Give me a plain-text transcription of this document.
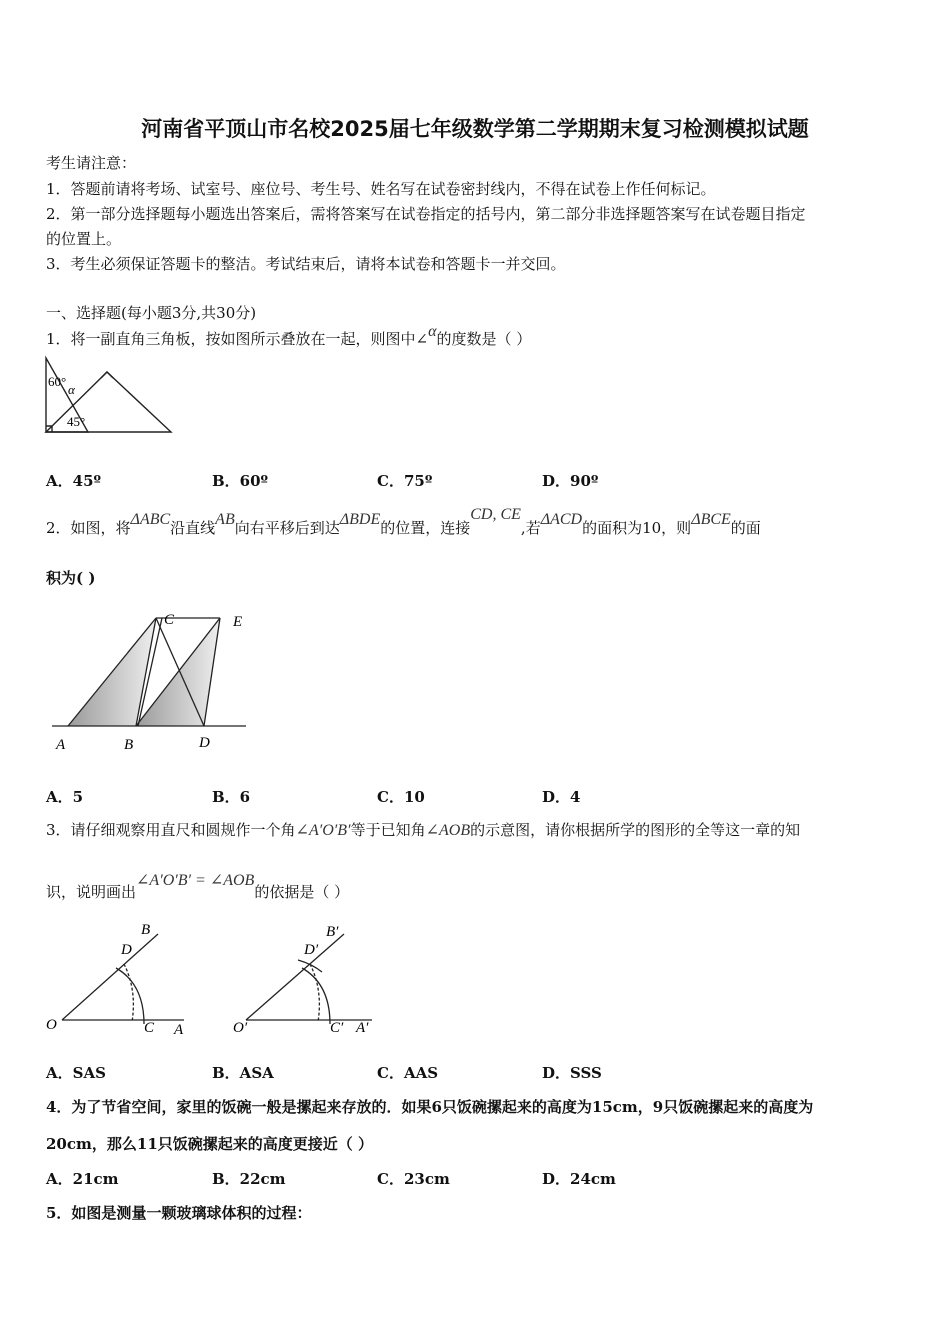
河南省平顶山市名校2025届七年级数学第二学期期末复习检测模拟试题
考生请注意：
1．答题前请将考场、试室号、座位号、考生号、姓名写在试卷密封线内，不得在试卷上作任何标记。
2．第一部分选择题每小题选出答案后，需将答案写在试卷指定的括号内，第二部分非选择题答案写在试卷题目指定
的位置上。
3．考生必须保证答题卡的整洁。考试结束后，请将本试卷和答题卡一并交回。
一、选择题(每小题3分,共30分)
1．将一副直角三角板，按如图所示叠放在一起，则图中∠α的度数是（ ）
60°
α
45°
A．45º	B．60º	C．75º	D．90º
2．如图，将ΔABC沿直线AB向右平移后到达ΔBDE的位置，连接CD, CE,若ΔACD的面积为10，则ΔBCE的面
积为( )
A	B
C
D
E
A．5	B．6	C．10	D．4
3．请仔细观察用直尺和圆规作一个角∠A′O′B′等于已知角∠AOB的示意图，请你根据所学的图形的全等这一章的知
识，说明画出∠A′O′B′ = ∠AOB的依据是（ ）
O	C A
D
B
O′	C′ A′
D′
B′
A．SAS	B．ASA	C．AAS	D．SSS
4．为了节省空间，家里的饭碗一般是摞起来存放的．如果6只饭碗摞起来的高度为15cm，9只饭碗摞起来的高度为
20cm，那么11只饭碗摞起来的高度更接近（ ）
A．21cm	B．22cm	C．23cm	D．24cm
5．如图是测量一颗玻璃球体积的过程：
